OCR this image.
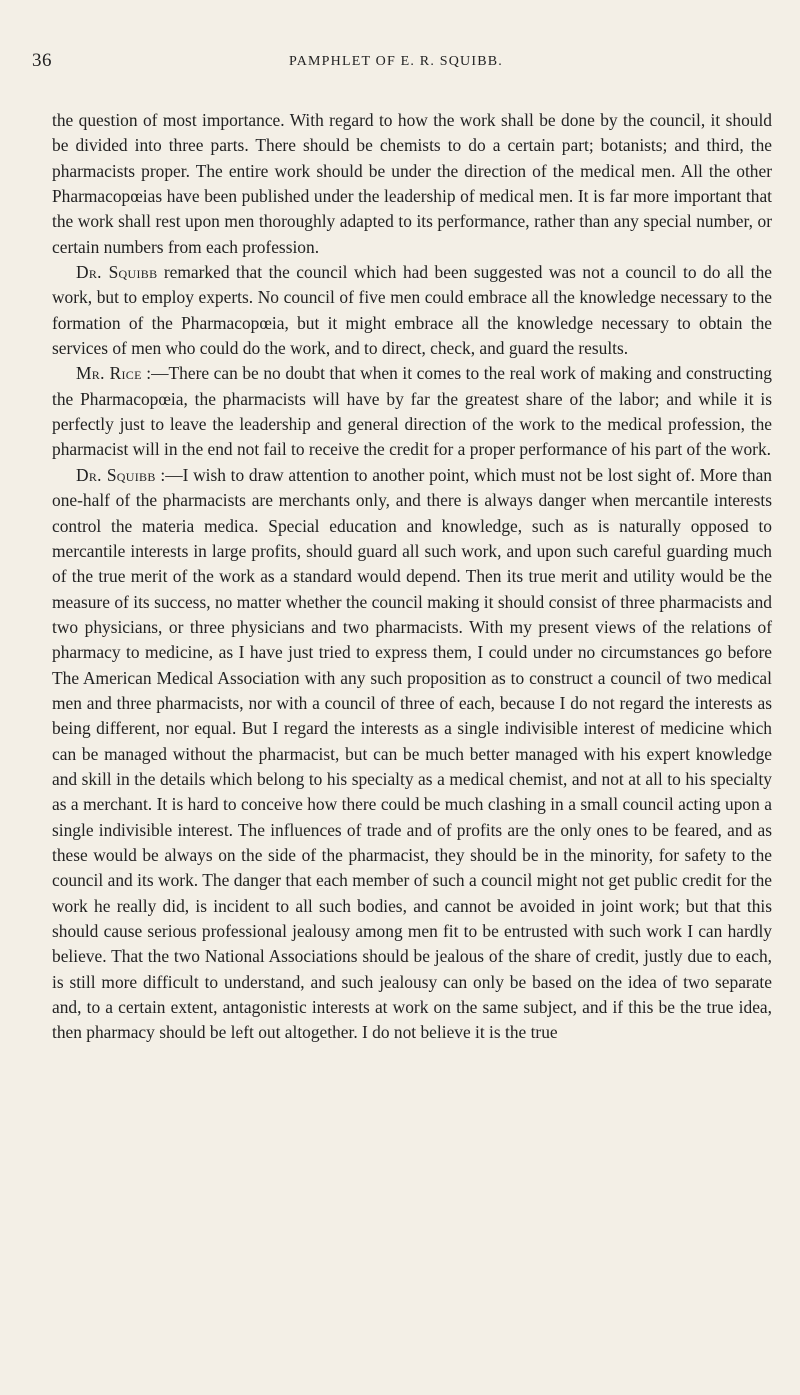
36	PAMPHLET OF E. R. SQUIBB.

the question of most importance. With regard to how the work shall be done by the council, it should be divided into three parts. There should be chemists to do a certain part; botanists; and third, the pharmacists proper. The entire work should be under the direction of the medical men. All the other Pharmacopœias have been published under the leadership of medical men. It is far more important that the work shall rest upon men thoroughly adapted to its performance, rather than any special number, or certain numbers from each profession.

Dr. Squibb remarked that the council which had been suggested was not a council to do all the work, but to employ experts. No council of five men could embrace all the knowledge necessary to the formation of the Pharmacopœia, but it might embrace all the knowledge necessary to obtain the services of men who could do the work, and to direct, check, and guard the results.

Mr. Rice :—There can be no doubt that when it comes to the real work of making and constructing the Pharmacopœia, the pharmacists will have by far the greatest share of the labor; and while it is perfectly just to leave the leadership and general direction of the work to the medical profession, the pharmacist will in the end not fail to receive the credit for a proper performance of his part of the work.

Dr. Squibb :—I wish to draw attention to another point, which must not be lost sight of. More than one-half of the pharmacists are merchants only, and there is always danger when mercantile interests control the materia medica. Special education and knowledge, such as is naturally opposed to mercantile interests in large profits, should guard all such work, and upon such careful guarding much of the true merit of the work as a standard would depend. Then its true merit and utility would be the measure of its success, no matter whether the council making it should consist of three pharmacists and two physicians, or three physicians and two pharmacists. With my present views of the relations of pharmacy to medicine, as I have just tried to express them, I could under no circumstances go before The American Medical Association with any such proposition as to construct a council of two medical men and three pharmacists, nor with a council of three of each, because I do not regard the interests as being different, nor equal. But I regard the interests as a single indivisible interest of medicine which can be managed without the pharmacist, but can be much better managed with his expert knowledge and skill in the details which belong to his specialty as a medical chemist, and not at all to his specialty as a merchant. It is hard to conceive how there could be much clashing in a small council acting upon a single indivisible interest. The influences of trade and of profits are the only ones to be feared, and as these would be always on the side of the pharmacist, they should be in the minority, for safety to the council and its work. The danger that each member of such a council might not get public credit for the work he really did, is incident to all such bodies, and cannot be avoided in joint work; but that this should cause serious professional jealousy among men fit to be entrusted with such work I can hardly believe. That the two National Associations should be jealous of the share of credit, justly due to each, is still more difficult to understand, and such jealousy can only be based on the idea of two separate and, to a certain extent, antagonistic interests at work on the same subject, and if this be the true idea, then pharmacy should be left out altogether. I do not believe it is the true
